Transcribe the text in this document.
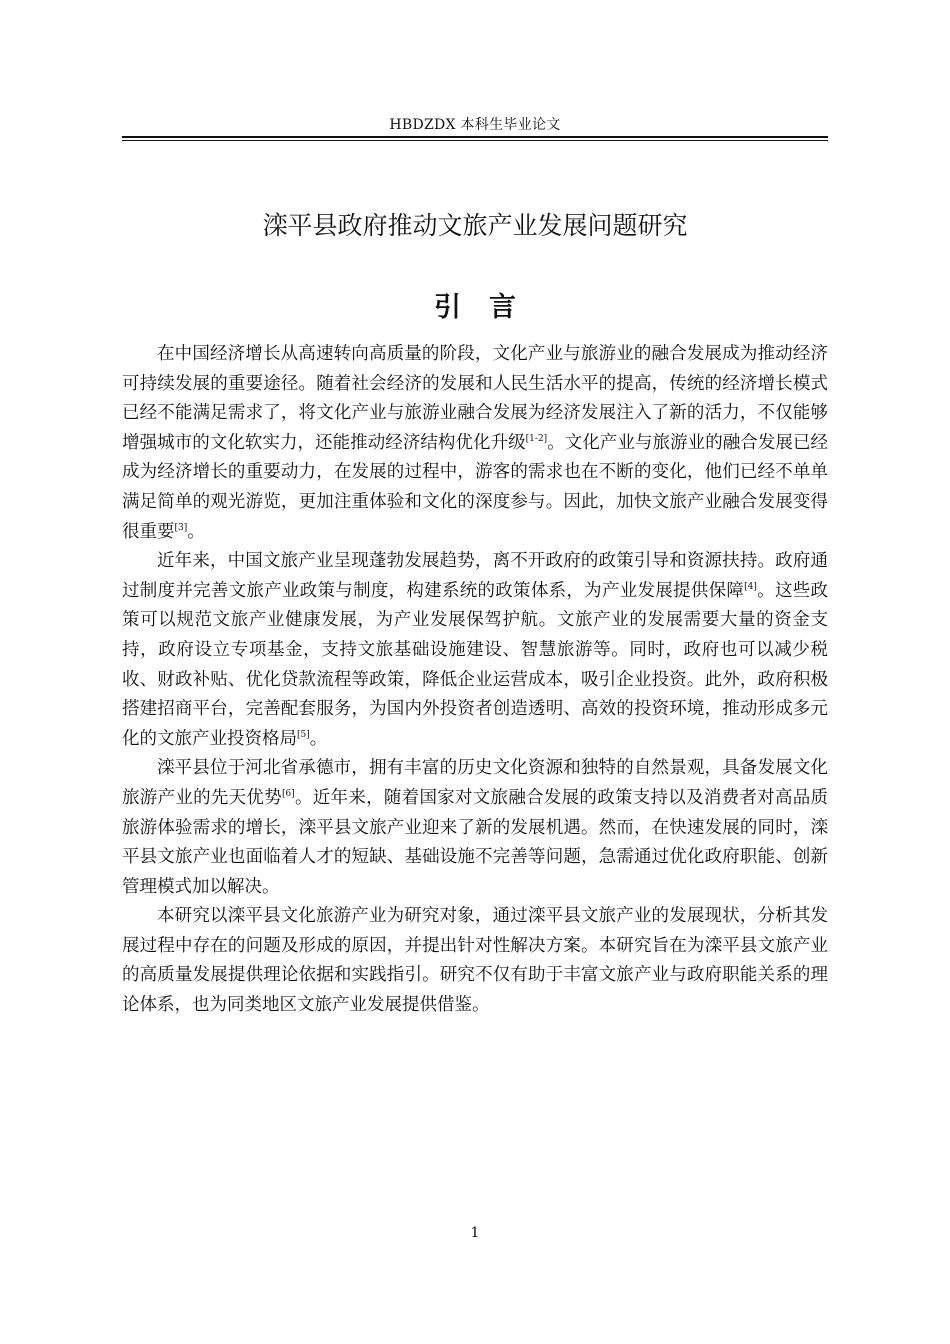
HBDZDX 本科生毕业论文
滦平县政府推动文旅产业发展问题研究
引言

在中国经济增长从高速转向高质量的阶段，文化产业与旅游业的融合发展成为推动经济可持续发展的重要途径。随着社会经济的发展和人民生活水平的提高，传统的经济增长模式已经不能满足需求了，将文化产业与旅游业融合发展为经济发展注入了新的活力，不仅能够增强城市的文化软实力，还能推动经济结构优化升级[1-2]。文化产业与旅游业的融合发展已经成为经济增长的重要动力，在发展的过程中，游客的需求也在不断的变化，他们已经不单单满足简单的观光游览，更加注重体验和文化的深度参与。因此，加快文旅产业融合发展变得很重要[3]。

近年来，中国文旅产业呈现蓬勃发展趋势，离不开政府的政策引导和资源扶持。政府通过制度并完善文旅产业政策与制度，构建系统的政策体系，为产业发展提供保障[4]。这些政策可以规范文旅产业健康发展，为产业发展保驾护航。文旅产业的发展需要大量的资金支持，政府设立专项基金，支持文旅基础设施建设、智慧旅游等。同时，政府也可以减少税收、财政补贴、优化贷款流程等政策，降低企业运营成本，吸引企业投资。此外，政府积极搭建招商平台，完善配套服务，为国内外投资者创造透明、高效的投资环境，推动形成多元化的文旅产业投资格局[5]。

滦平县位于河北省承德市，拥有丰富的历史文化资源和独特的自然景观，具备发展文化旅游产业的先天优势[6]。近年来，随着国家对文旅融合发展的政策支持以及消费者对高品质旅游体验需求的增长，滦平县文旅产业迎来了新的发展机遇。然而，在快速发展的同时，滦平县文旅产业也面临着人才的短缺、基础设施不完善等问题，急需通过优化政府职能、创新管理模式加以解决。

本研究以滦平县文化旅游产业为研究对象，通过滦平县文旅产业的发展现状，分析其发展过程中存在的问题及形成的原因，并提出针对性解决方案。本研究旨在为滦平县文旅产业的高质量发展提供理论依据和实践指引。研究不仅有助于丰富文旅产业与政府职能关系的理论体系，也为同类地区文旅产业发展提供借鉴。

1
